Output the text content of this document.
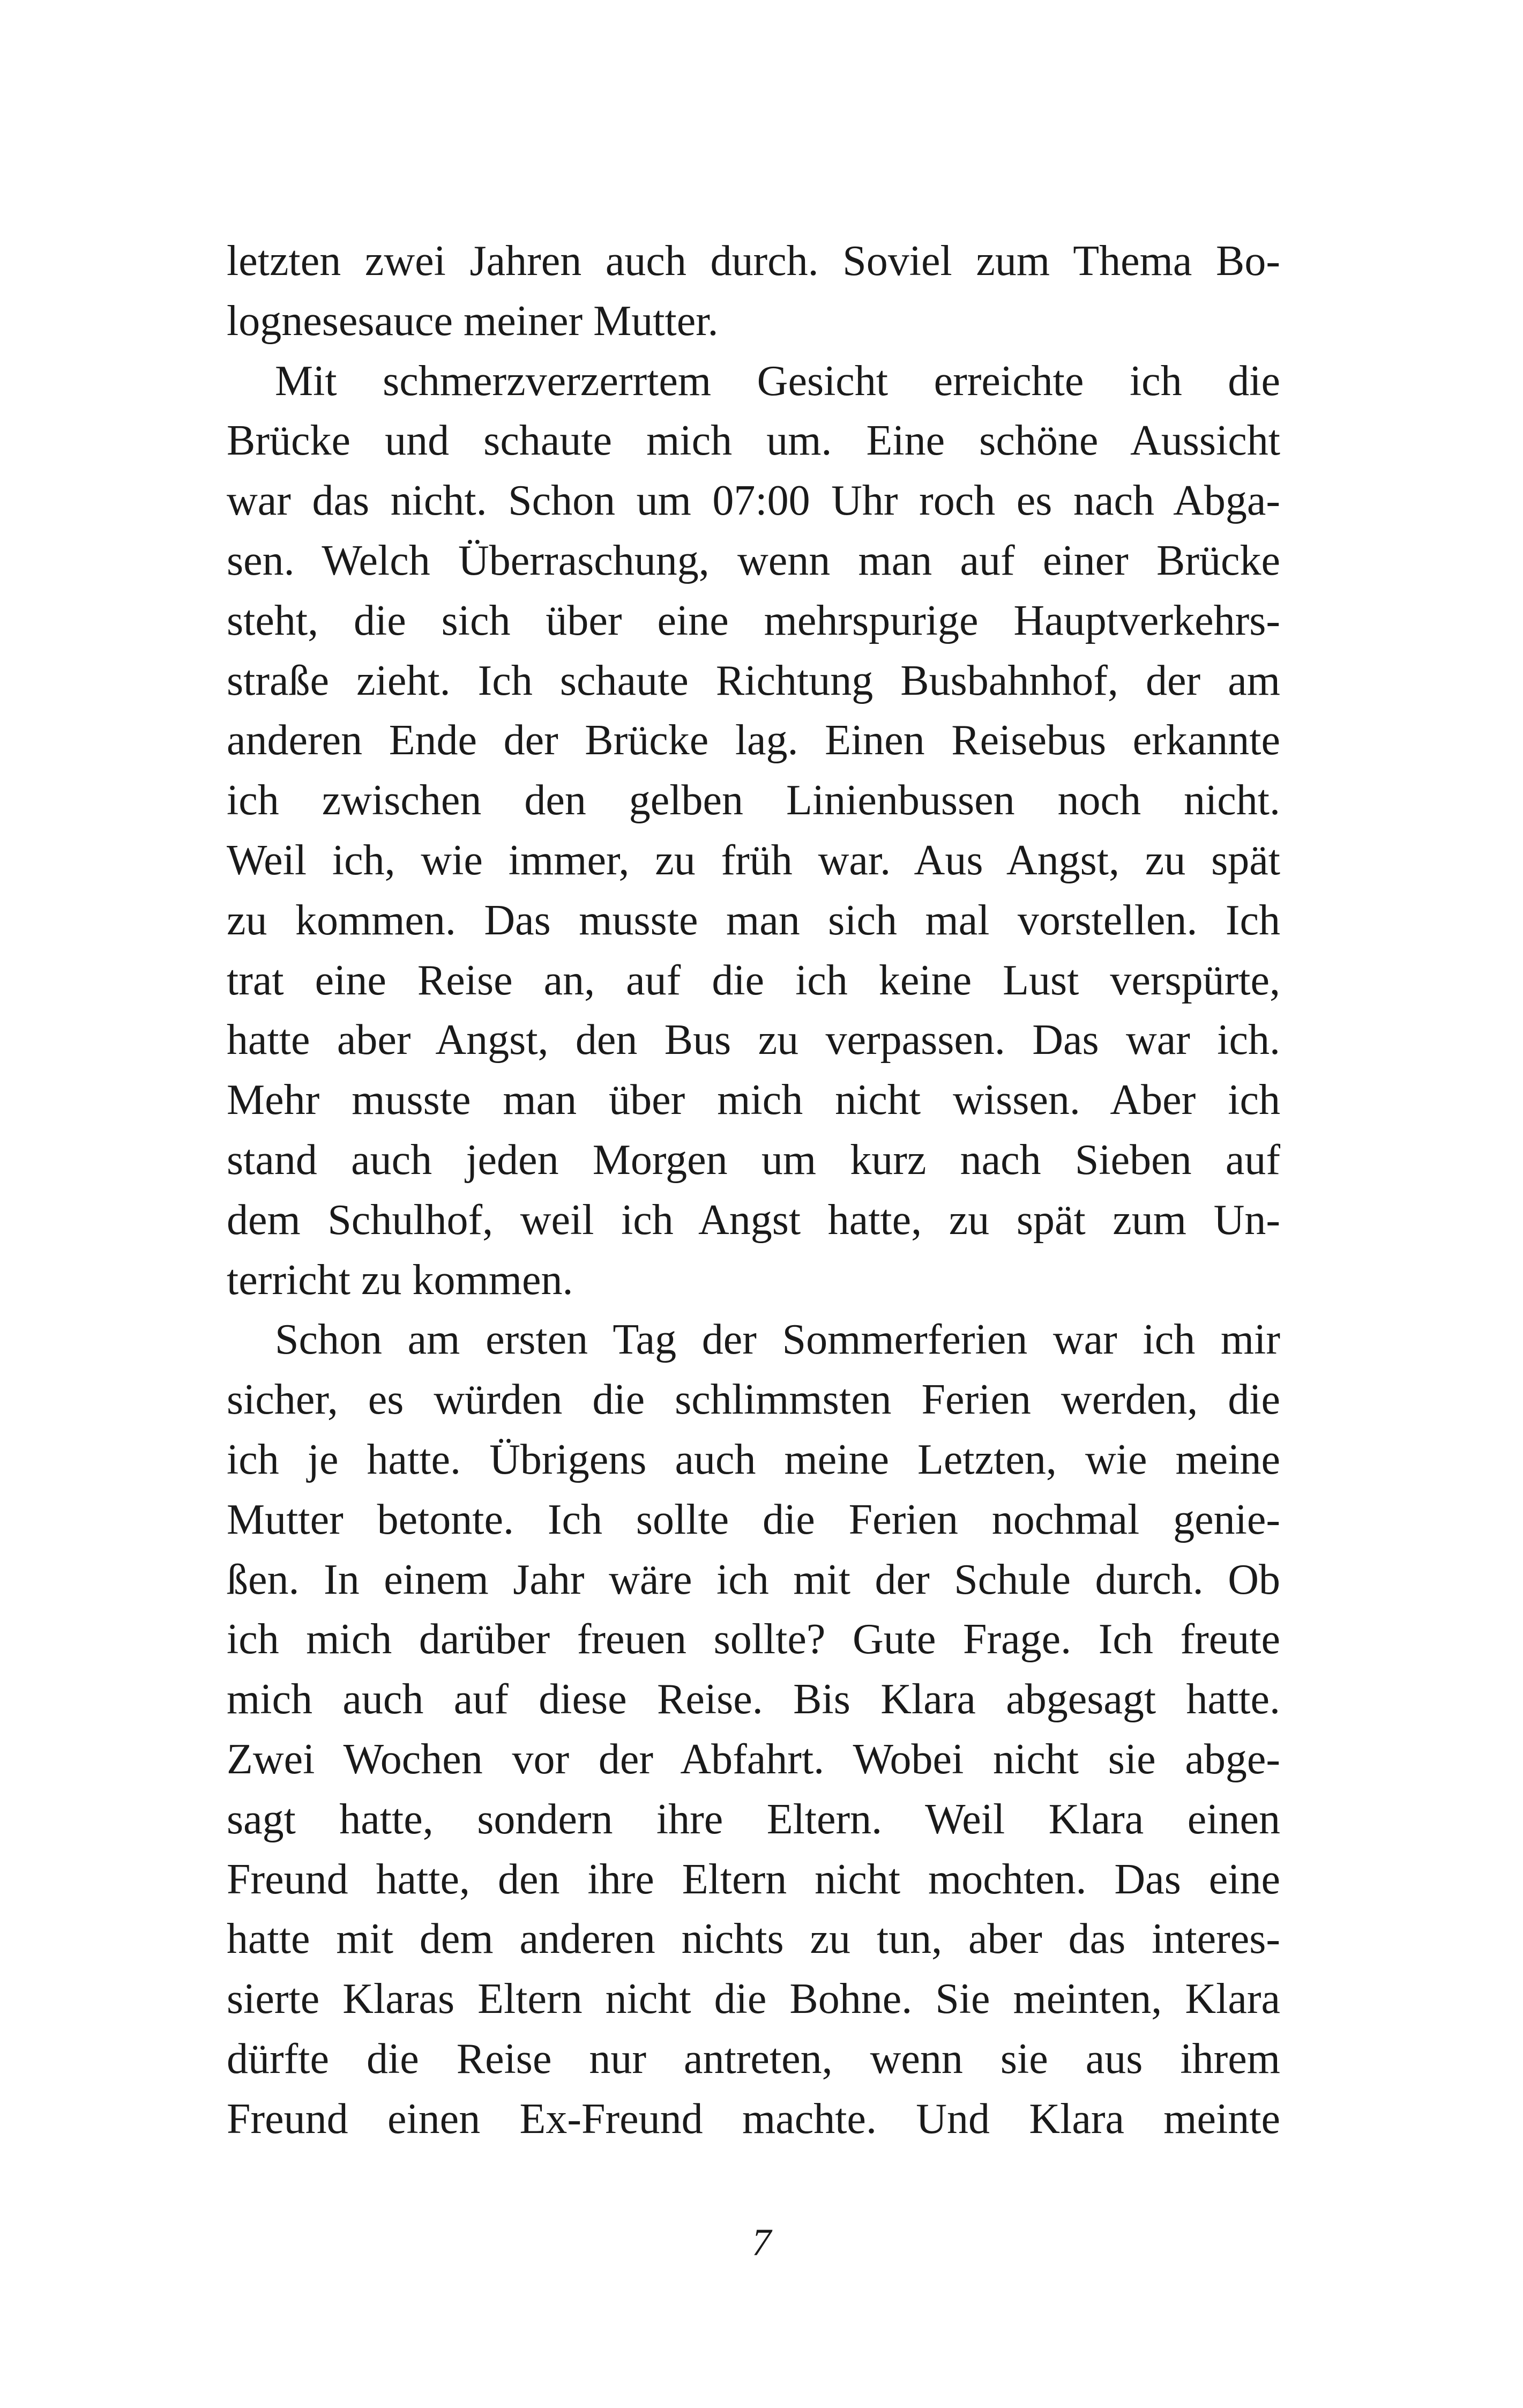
letzten zwei Jahren auch durch. Soviel zum Thema Bo-
lognesesauce meiner Mutter.
Mit schmerzverzerrtem Gesicht erreichte ich die
Brücke und schaute mich um. Eine schöne Aussicht
war das nicht. Schon um 07:00 Uhr roch es nach Abga-
sen. Welch Überraschung, wenn man auf einer Brücke
steht, die sich über eine mehrspurige Hauptverkehrs-
straße zieht. Ich schaute Richtung Busbahnhof, der am
anderen Ende der Brücke lag. Einen Reisebus erkannte
ich zwischen den gelben Linienbussen noch nicht.
Weil ich, wie immer, zu früh war. Aus Angst, zu spät
zu kommen. Das musste man sich mal vorstellen. Ich
trat eine Reise an, auf die ich keine Lust verspürte,
hatte aber Angst, den Bus zu verpassen. Das war ich.
Mehr musste man über mich nicht wissen. Aber ich
stand auch jeden Morgen um kurz nach Sieben auf
dem Schulhof, weil ich Angst hatte, zu spät zum Un-
terricht zu kommen.
Schon am ersten Tag der Sommerferien war ich mir
sicher, es würden die schlimmsten Ferien werden, die
ich je hatte. Übrigens auch meine Letzten, wie meine
Mutter betonte. Ich sollte die Ferien nochmal genie-
ßen. In einem Jahr wäre ich mit der Schule durch. Ob
ich mich darüber freuen sollte? Gute Frage. Ich freute
mich auch auf diese Reise. Bis Klara abgesagt hatte.
Zwei Wochen vor der Abfahrt. Wobei nicht sie abge-
sagt hatte, sondern ihre Eltern. Weil Klara einen
Freund hatte, den ihre Eltern nicht mochten. Das eine
hatte mit dem anderen nichts zu tun, aber das interes-
sierte Klaras Eltern nicht die Bohne. Sie meinten, Klara
dürfte die Reise nur antreten, wenn sie aus ihrem
Freund einen Ex-Freund machte. Und Klara meinte
7
